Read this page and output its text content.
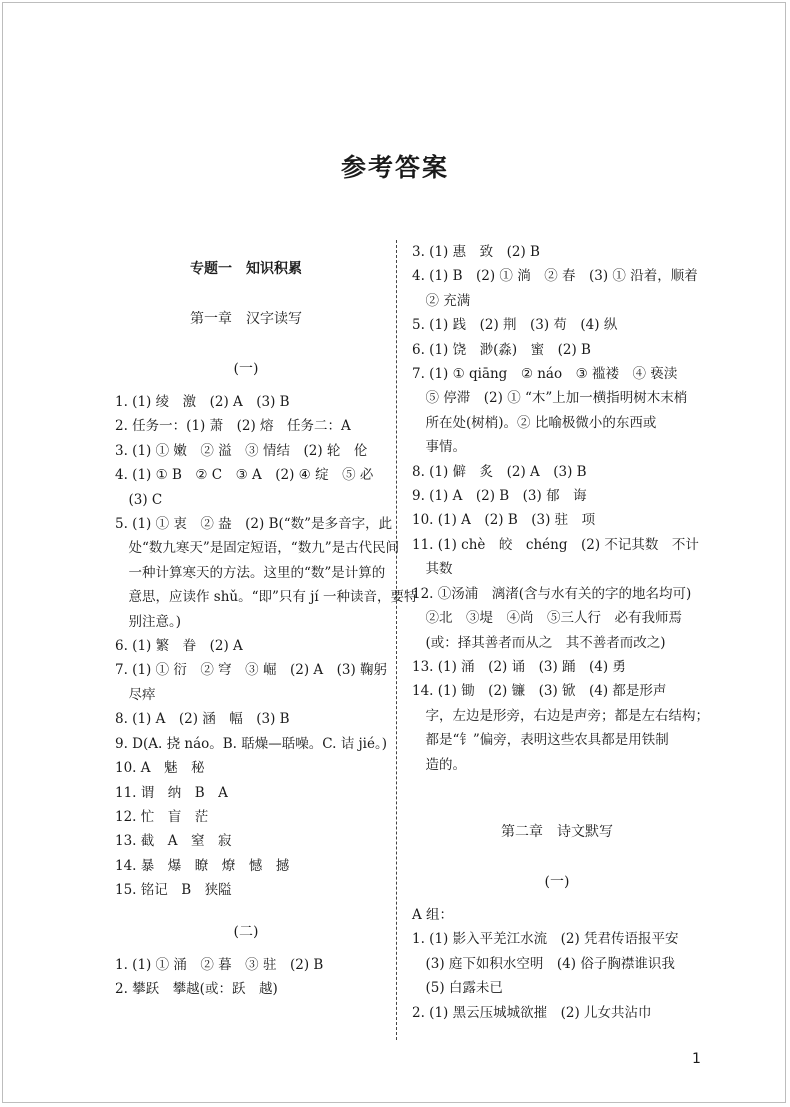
参考答案
专题一　知识积累
第一章　汉字读写
(一)
1. (1) 绫　激　(2) A　(3) B
2. 任务一：(1) 萧　(2) 熔　任务二：A
3. (1) ① 嫩　② 溢　③ 情结　(2) 轮　伦
4. (1) ① B　② C　③ A　(2) ④ 绽　⑤ 必
　(3) C
5. (1) ① 衷　② 盎　(2) B(“数”是多音字，此
　处“数九寒天”是固定短语，“数九”是古代民间
　一种计算寒天的方法。这里的“数”是计算的
　意思，应读作 shǔ。“即”只有 jí 一种读音，要特
　别注意。)
6. (1) 繁　眷　(2) A
7. (1) ① 衍　② 穹　③ 崛　(2) A　(3) 鞠躬
　尽瘁
8. (1) A　(2) 涵　幅　(3) B
9. D(A. 挠 náo。B. 聒燥—聒噪。C. 诘 jié。)
10. A　魅　秘
11. 谓　纳　B　A
12. 忙　盲　茫
13. 截　A　窒　寂
14. 暴　爆　瞭　燎　憾　撼
15. 铭记　B　狭隘
(二)
1. (1) ① 涌　② 暮　③ 驻　(2) B
2. 攀跃　攀越(或：跃　越)
3. (1) 惠　致　(2) B
4. (1) B　(2) ① 淌　② 春　(3) ① 沿着，顺着
　② 充满
5. (1) 践　(2) 荆　(3) 苟　(4) 纵
6. (1) 饶　渺(淼)　蜜　(2) B
7. (1) ① qiāng　② náo　③ 褴褛　④ 亵渎
　⑤ 停滞　(2) ① “木”上加一横指明树木末梢
　所在处(树梢)。② 比喻极微小的东西或
　事情。
8. (1) 僻　炙　(2) A　(3) B
9. (1) A　(2) B　(3) 郁　诲
10. (1) A　(2) B　(3) 驻　项
11. (1) chè　皎　chéng　(2) 不记其数　不计
　其数
12. ①汤浦　漓渚(含与水有关的字的地名均可)
　②北　③堤　④尚　⑤三人行　必有我师焉
　(或：择其善者而从之　其不善者而改之)
13. (1) 涌　(2) 诵　(3) 踊　(4) 勇
14. (1) 锄　(2) 镰　(3) 锨　(4) 都是形声
　字，左边是形旁，右边是声旁；都是左右结构；
　都是“钅”偏旁，表明这些农具都是用铁制
　造的。
第二章　诗文默写
(一)
A 组：
1. (1) 影入平羌江水流　(2) 凭君传语报平安
　(3) 庭下如积水空明　(4) 俗子胸襟谁识我
　(5) 白露未已
2. (1) 黑云压城城欲摧　(2) 儿女共沾巾
1
